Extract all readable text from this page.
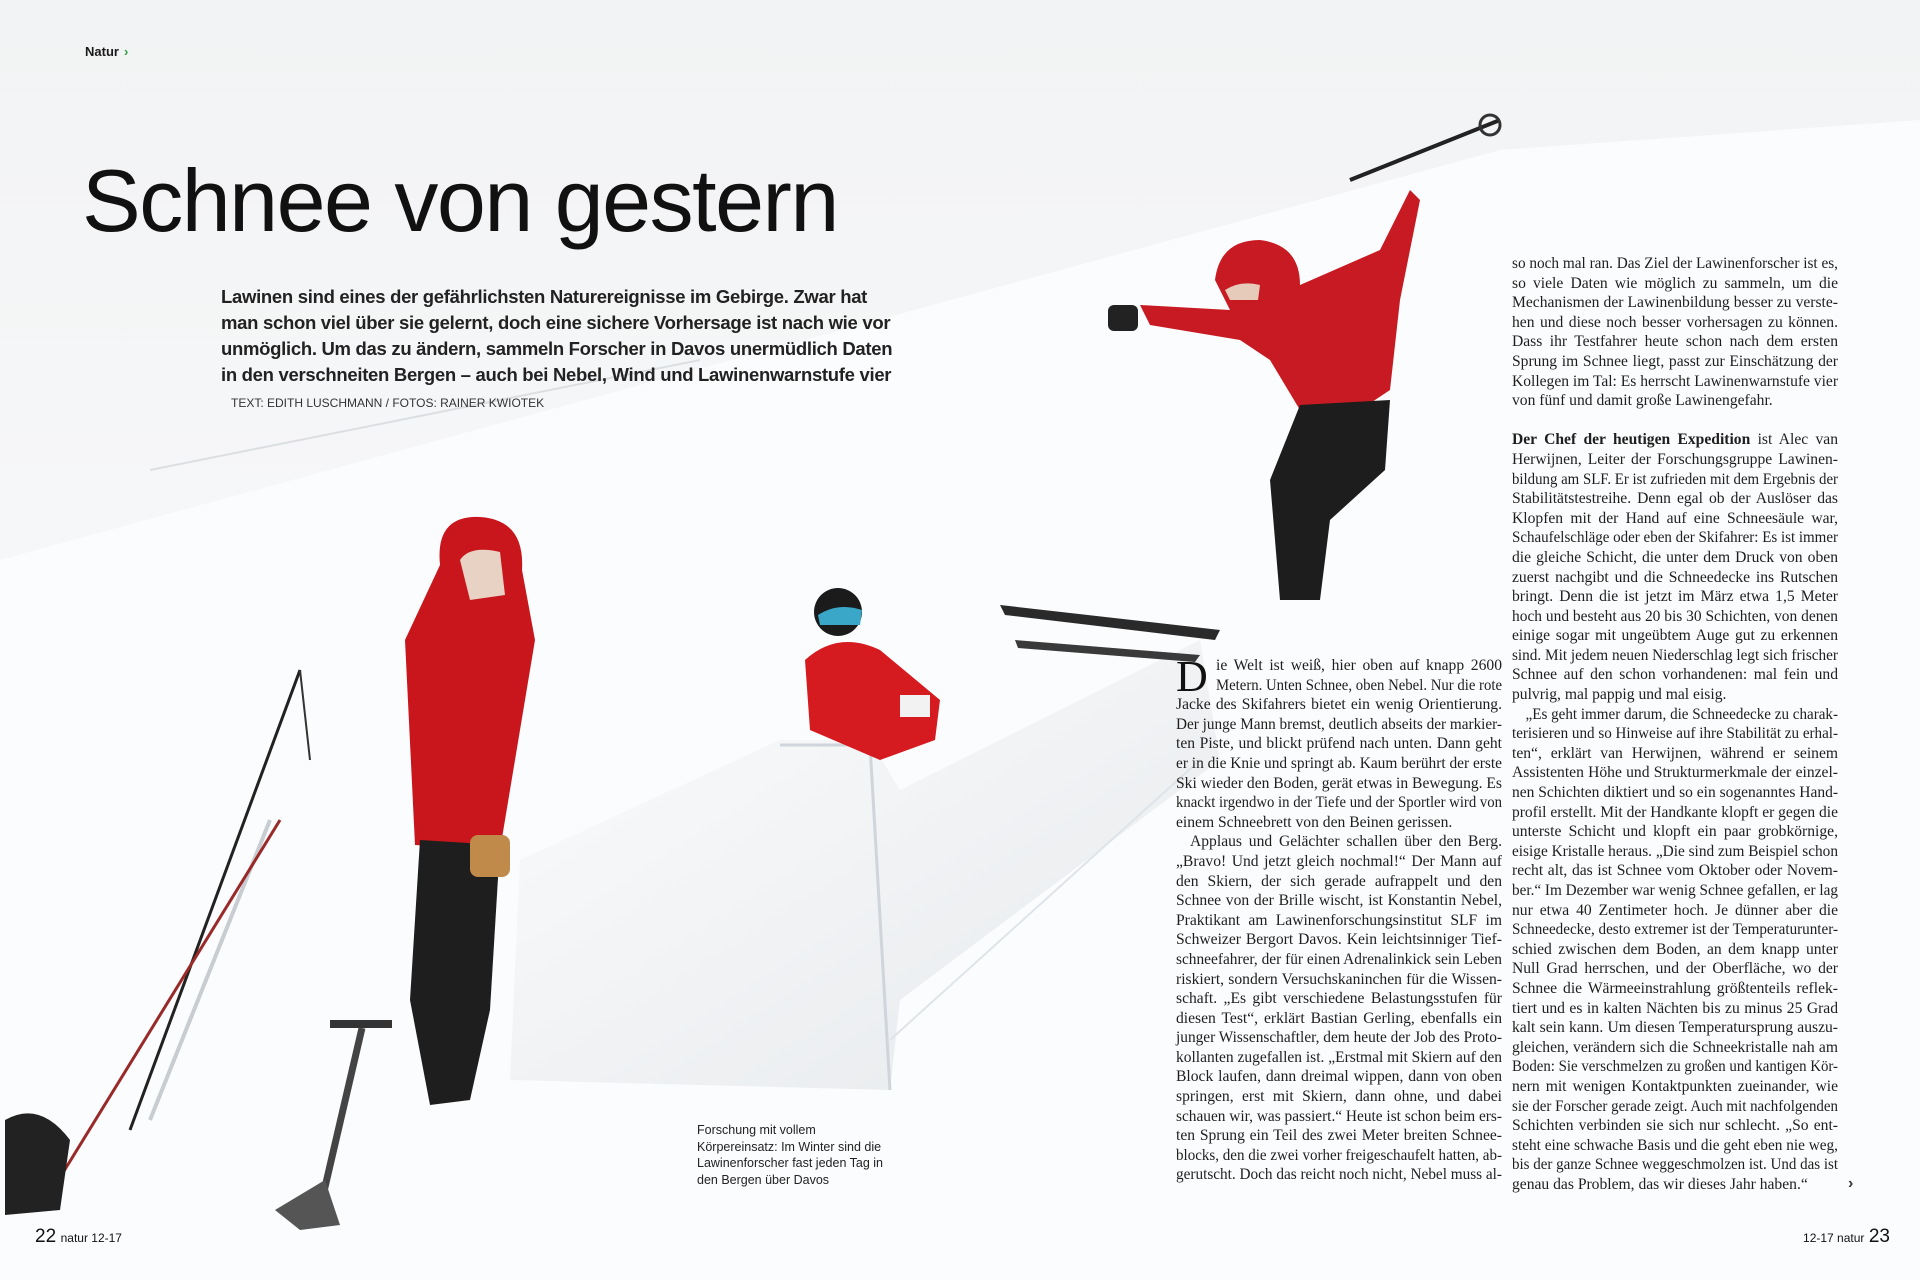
Natur ›
Schnee von gestern
Lawinen sind eines der gefährlichsten Naturereignisse im Gebirge. Zwar hat man schon viel über sie gelernt, doch eine sichere Vorhersage ist nach wie vor unmöglich. Um das zu ändern, sammeln Forscher in Davos unermüdlich Daten in den verschneiten Bergen – auch bei Nebel, Wind und Lawinenwarnstufe vier TEXT: EDITH LUSCHMANN / FOTOS: RAINER KWIOTEK
D ie Welt ist weiß, hier oben auf knapp 2600
Metern. Unten Schnee, oben Nebel. Nur die rote
Jacke des Skifahrers bietet ein wenig Orientierung.
Der junge Mann bremst, deutlich abseits der markier-
ten Piste, und blickt prüfend nach unten. Dann geht
er in die Knie und springt ab. Kaum berührt der erste
Ski wieder den Boden, gerät etwas in Bewegung. Es
knackt irgendwo in der Tiefe und der Sportler wird von
einem Schneebrett von den Beinen gerissen.
Applaus und Gelächter schallen über den Berg.
„Bravo! Und jetzt gleich nochmal!“ Der Mann auf
den Skiern, der sich gerade aufrappelt und den
Schnee von der Brille wischt, ist Konstantin Nebel,
Praktikant am Lawinenforschungsinstitut SLF im
Schweizer Bergort Davos. Kein leichtsinniger Tief-
schneefahrer, der für einen Adrenalinkick sein Leben
riskiert, sondern Versuchskaninchen für die Wissen-
schaft. „Es gibt verschiedene Belastungsstufen für
diesen Test“, erklärt Bastian Gerling, ebenfalls ein
junger Wissenschaftler, dem heute der Job des Proto-
kollanten zugefallen ist. „Erstmal mit Skiern auf den
Block laufen, dann dreimal wippen, dann von oben
springen, erst mit Skiern, dann ohne, und dabei
schauen wir, was passiert.“ Heute ist schon beim ers-
ten Sprung ein Teil des zwei Meter breiten Schnee-
blocks, den die zwei vorher freigeschaufelt hatten, ab-
gerutscht. Doch das reicht noch nicht, Nebel muss al-
so noch mal ran. Das Ziel der Lawinenforscher ist es,
so viele Daten wie möglich zu sammeln, um die
Mechanismen der Lawinenbildung besser zu verste-
hen und diese noch besser vorhersagen zu können.
Dass ihr Testfahrer heute schon nach dem ersten
Sprung im Schnee liegt, passt zur Einschätzung der
Kollegen im Tal: Es herrscht Lawinenwarnstufe vier
von fünf und damit große Lawinengefahr.
Der Chef der heutigen Expedition ist Alec van
Herwijnen, Leiter der Forschungsgruppe Lawinen-
bildung am SLF. Er ist zufrieden mit dem Ergebnis der
Stabilitätstestreihe. Denn egal ob der Auslöser das
Klopfen mit der Hand auf eine Schneesäule war,
Schaufelschläge oder eben der Skifahrer: Es ist immer
die gleiche Schicht, die unter dem Druck von oben
zuerst nachgibt und die Schneedecke ins Rutschen
bringt. Denn die ist jetzt im März etwa 1,5 Meter
hoch und besteht aus 20 bis 30 Schichten, von denen
einige sogar mit ungeübtem Auge gut zu erkennen
sind. Mit jedem neuen Niederschlag legt sich frischer
Schnee auf den schon vorhandenen: mal fein und
pulvrig, mal pappig und mal eisig.
„Es geht immer darum, die Schneedecke zu charak-
terisieren und so Hinweise auf ihre Stabilität zu erhal-
ten“, erklärt van Herwijnen, während er seinem
Assistenten Höhe und Strukturmerkmale der einzel-
nen Schichten diktiert und so ein sogenanntes Hand-
profil erstellt. Mit der Handkante klopft er gegen die
unterste Schicht und klopft ein paar grobkörnige,
eisige Kristalle heraus. „Die sind zum Beispiel schon
recht alt, das ist Schnee vom Oktober oder Novem-
ber.“ Im Dezember war wenig Schnee gefallen, er lag
nur etwa 40 Zentimeter hoch. Je dünner aber die
Schneedecke, desto extremer ist der Temperaturunter-
schied zwischen dem Boden, an dem knapp unter
Null Grad herrschen, und der Oberfläche, wo der
Schnee die Wärmeeinstrahlung größtenteils reflek-
tiert und es in kalten Nächten bis zu minus 25 Grad
kalt sein kann. Um diesen Temperatursprung auszu-
gleichen, verändern sich die Schneekristalle nah am
Boden: Sie verschmelzen zu großen und kantigen Kör-
nern mit wenigen Kontaktpunkten zueinander, wie
sie der Forscher gerade zeigt. Auch mit nachfolgenden
Schichten verbinden sie sich nur schlecht. „So ent-
steht eine schwache Basis und die geht eben nie weg,
bis der ganze Schnee weggeschmolzen ist. Und das ist
genau das Problem, das wir dieses Jahr haben.“	›
Forschung mit vollem Körpereinsatz: Im Winter sind die Lawinenforscher fast jeden Tag in den Bergen über Davos
22 natur 12-17	12-17 natur 23
